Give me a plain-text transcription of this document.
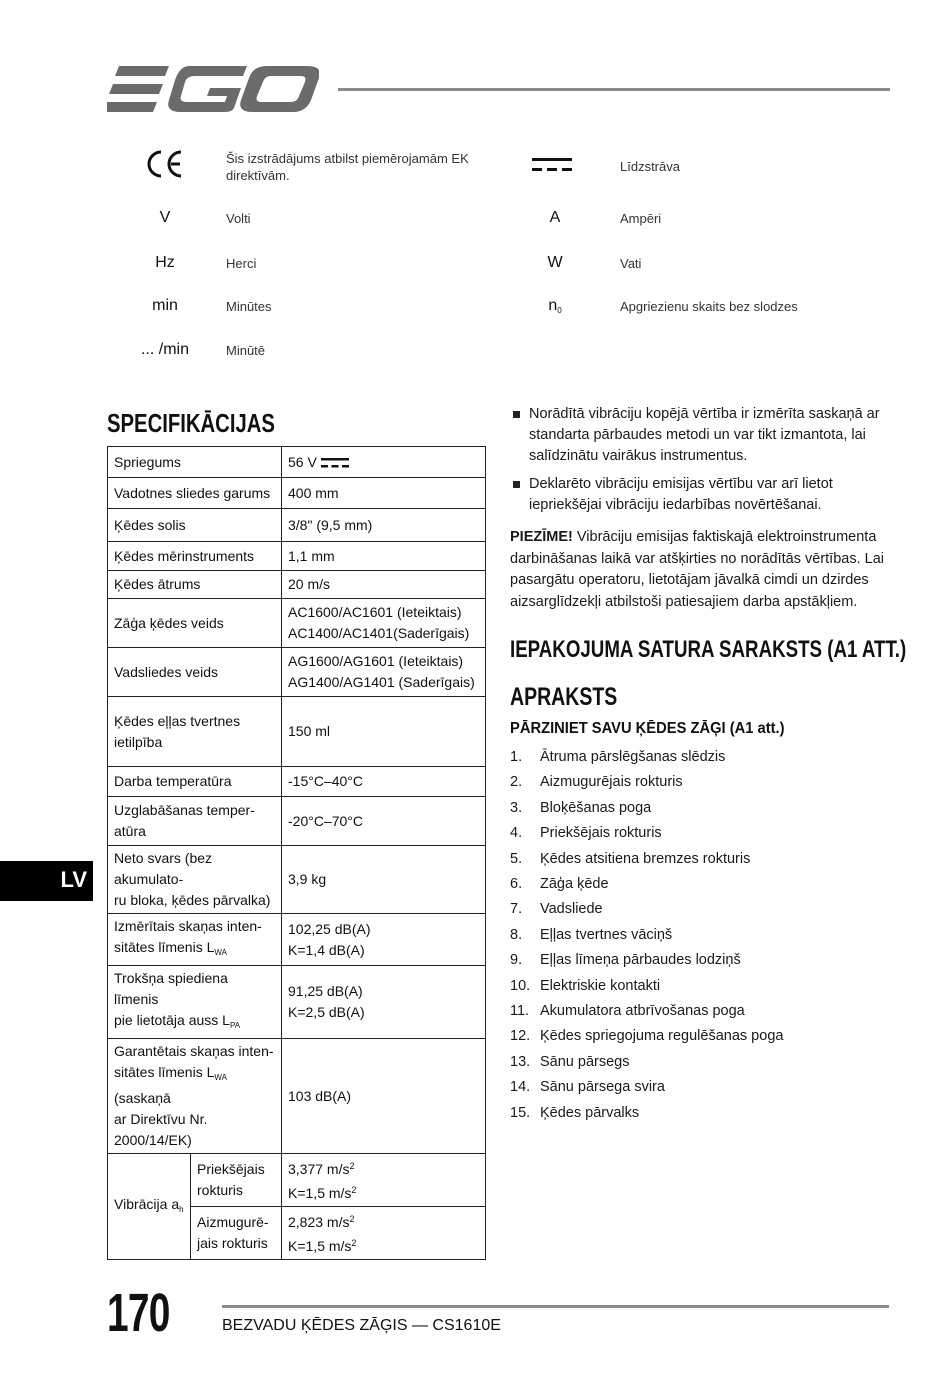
Šis izstrādājums atbilst piemērojamām EK direktīvām.
V	Volti
Hz	Herci
min	Minūtes
... /min	Minūtē
Līdzstrāva
A	Ampēri
W	Vati
$n_0$	Apgriezienu skaits bez slodzes
SPECIFIKĀCIJAS
Spriegums		56 V
Vadotnes sliedes garums		400 mm
Ķēdes solis		3/8" (9,5 mm)
Ķēdes mērinstruments		1,1 mm
Ķēdes ātrums		20 m/s
Zāģa ķēdes veids		AC1600/AC1601 (Ieteiktais)
AC1400/AC1401(Saderīgais)
Vadsliedes veids		AG1600/AG1601 (Ieteiktais)
AG1400/AG1401 (Saderīgais)
Ķēdes eļļas tvertnes
ietilpība		150 ml
Darba temperatūra		-15°C–40°C
Uzglabāšanas temper-
atūra		-20°C–70°C
Neto svars (bez akumulato-
ru bloka, ķēdes pārvalka)		3,9 kg
Izmērītais skaņas inten-
sitātes līmenis $L_{WA}$		102,25 dB(A)
K=1,4 dB(A)
Trokšņa spiediena līmenis
pie lietotāja auss $L_{PA}$		91,25 dB(A)
K=2,5 dB(A)
Garantētais skaņas inten-
sitātes līmenis $L_{WA}$ (saskaņā
ar Direktīvu Nr. 2000/14/EK)		103 dB(A)
Vibrācija $a_h$	Priekšējais
rokturis	3,377 $m/s^2$
K=1,5 $m/s^2$
	Aizmugurē-
jais rokturis	2,823 $m/s^2$
K=1,5 $m/s^2$
LV
Norādītā vibrāciju kopējā vērtība ir izmērīta saskaņā ar standarta pārbaudes metodi un var tikt izmantota, lai salīdzinātu vairākus instrumentus.
Deklarēto vibrāciju emisijas vērtību var arī lietot iepriekšējai vibrāciju iedarbības novērtēšanai.

PIEZĪME! Vibrāciju emisijas faktiskajā elektroinstrumenta darbināšanas laikā var atšķirties no norādītās vērtības. Lai pasargātu operatoru, lietotājam jāvalkā cimdi un dzirdes aizsarglīdzekļi atbilstoši patiesajiem darba apstākļiem.

IEPAKOJUMA SATURA SARAKSTS (A1 ATT.)
APRAKSTS
PĀRZINIET SAVU ĶĒDES ZĀĢI (A1 att.)
1. Ātruma pārslēgšanas slēdzis
2. Aizmugurējais rokturis
3. Bloķēšanas poga
4. Priekšējais rokturis
5. Ķēdes atsitiena bremzes rokturis
6. Zāģa ķēde
7. Vadsliede
8. Eļļas tvertnes vāciņš
9. Eļļas līmeņa pārbaudes lodziņš
10. Elektriskie kontakti
11. Akumulatora atbrīvošanas poga
12. Ķēdes spriegojuma regulēšanas poga
13. Sānu pārsegs
14. Sānu pārsega svira
15. Ķēdes pārvalks
170	BEZVADU ĶĒDES ZĀĢIS — CS1610E
